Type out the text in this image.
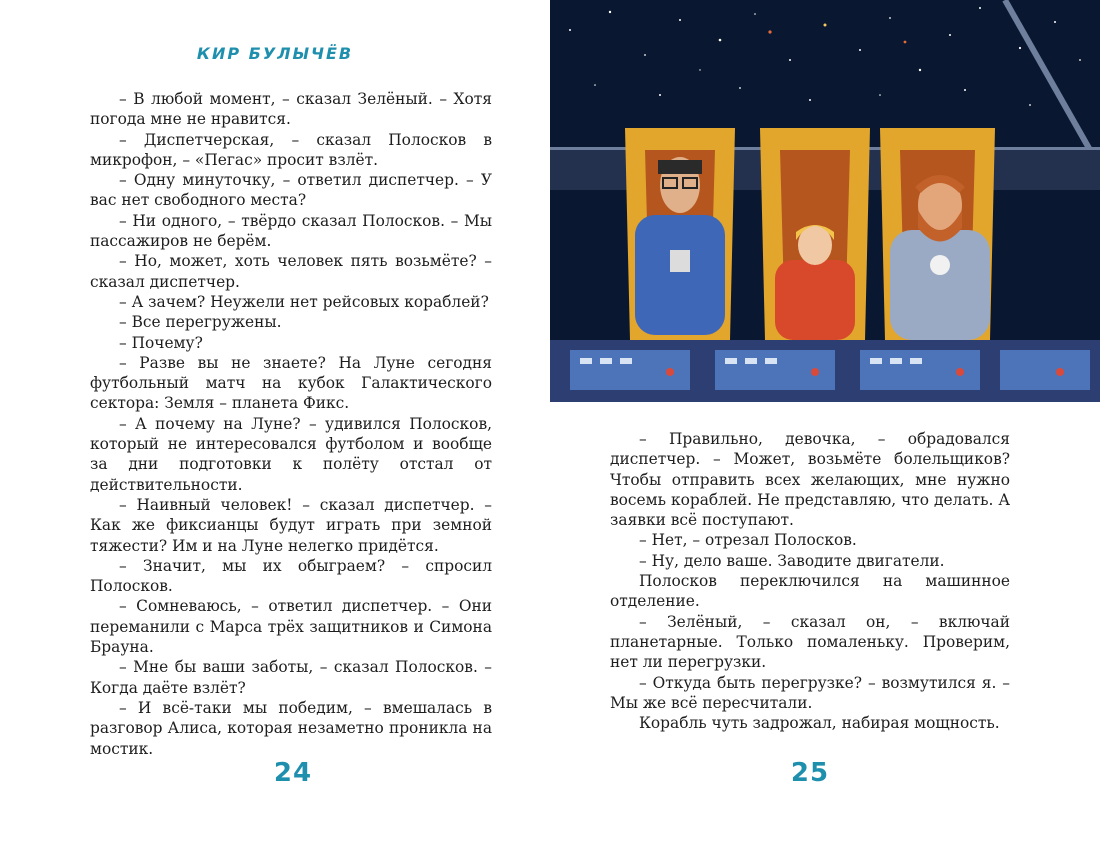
КИР БУЛЫЧЁВ

– В любой момент, – сказал Зелёный. – Хотя погода мне не нравится.

– Диспетчерская, – сказал Полосков в микрофон, – «Пегас» просит взлёт.

– Одну минуточку, – ответил диспетчер. – У вас нет свободного места?

– Ни одного, – твёрдо сказал Полосков. – Мы пассажиров не берём.

– Но, может, хоть человек пять возьмёте? – сказал диспетчер.

– А зачем? Неужели нет рейсовых кораблей?

– Все перегружены.

– Почему?

– Разве вы не знаете? На Луне сегодня футбольный матч на кубок Галактического сектора: Земля – планета Фикс.

– А почему на Луне? – удивился Полосков, который не интересовался футболом и вообще за дни подготовки к полёту отстал от действительности.

– Наивный человек! – сказал диспетчер. – Как же фиксианцы будут играть при земной тяжести? Им и на Луне нелегко придётся.

– Значит, мы их обыграем? – спросил Полосков.

– Сомневаюсь, – ответил диспетчер. – Они переманили с Марса трёх защитников и Симона Брауна.

– Мне бы ваши заботы, – сказал Полосков. – Когда даёте взлёт?

– И всё-таки мы победим, – вмешалась в разговор Алиса, которая незаметно проникла на мостик.

24

– Правильно, девочка, – обрадовался диспетчер. – Может, возьмёте болельщиков? Чтобы отправить всех желающих, мне нужно восемь кораблей. Не представляю, что делать. А заявки всё поступают.

– Нет, – отрезал Полосков.

– Ну, дело ваше. Заводите двигатели.

Полосков переключился на машинное отделение.

– Зелёный, – сказал он, – включай планетарные. Только помаленьку. Проверим, нет ли перегрузки.

– Откуда быть перегрузке? – возмутился я. – Мы же всё пересчитали.

Корабль чуть задрожал, набирая мощность.

25
